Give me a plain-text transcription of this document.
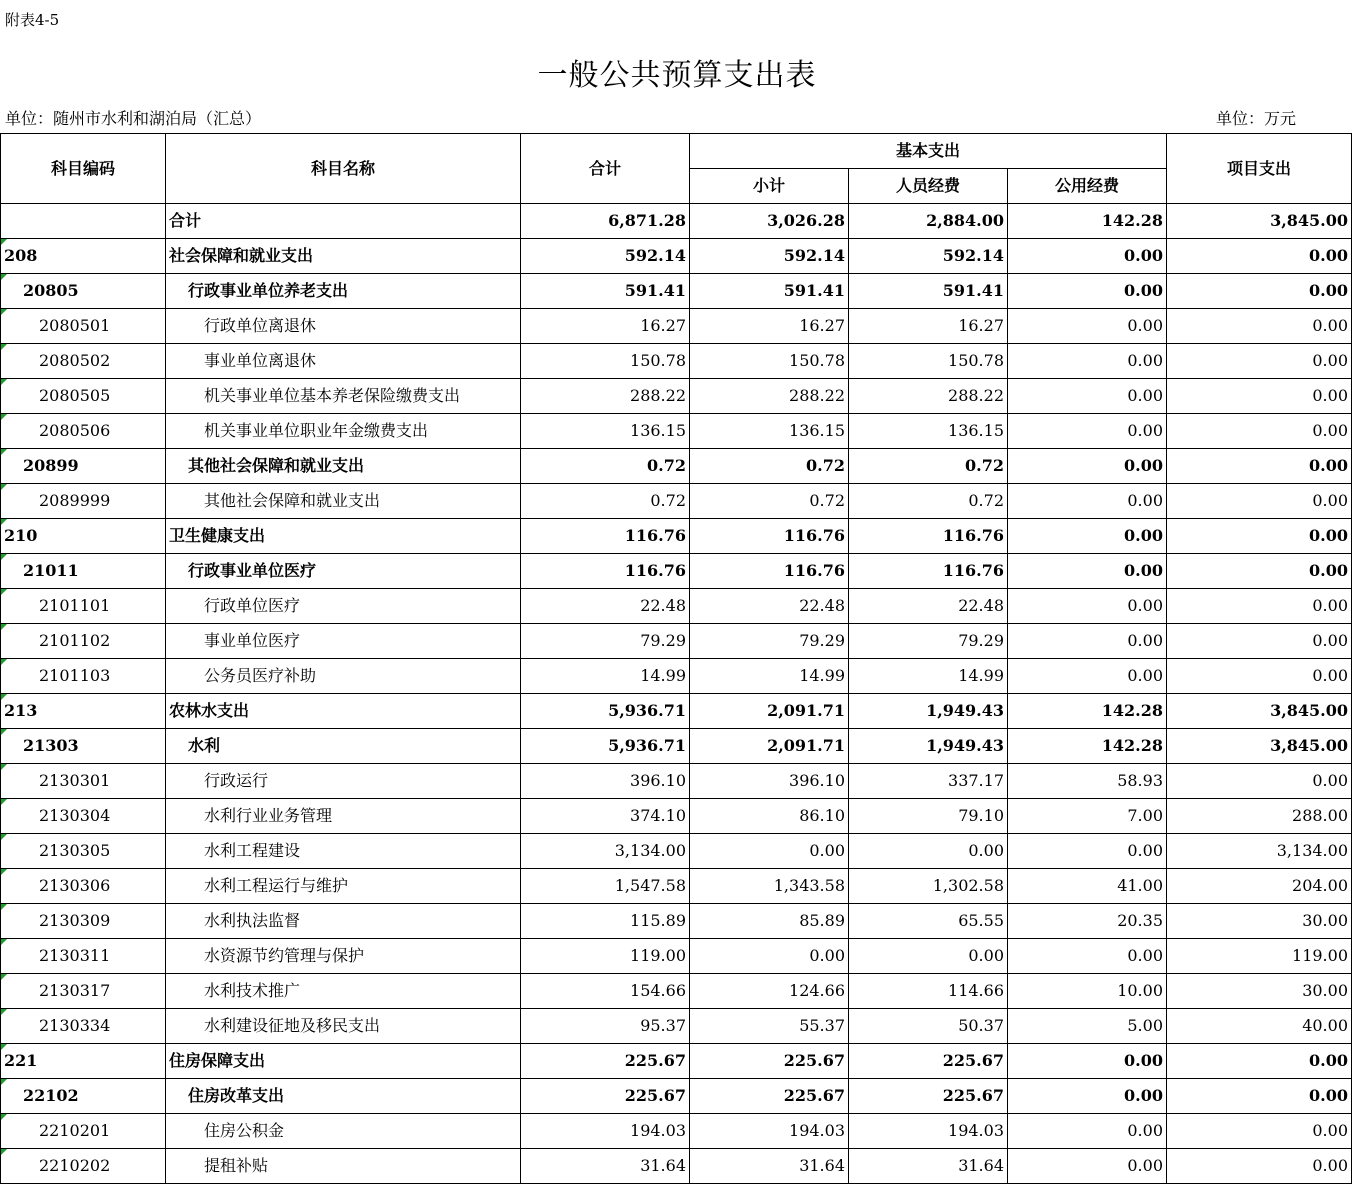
附表4-5
一般公共预算支出表
单位：随州市水利和湖泊局（汇总）	单位：万元
科目编码	科目名称	合计	基本支出			项目支出
			小计	人员经费	公用经费	
	合计	6,871.28	3,026.28	2,884.00	142.28	3,845.00
208	社会保障和就业支出	592.14	592.14	592.14	0.00	0.00
20805	行政事业单位养老支出	591.41	591.41	591.41	0.00	0.00
2080501	行政单位离退休	16.27	16.27	16.27	0.00	0.00
2080502	事业单位离退休	150.78	150.78	150.78	0.00	0.00
2080505	机关事业单位基本养老保险缴费支出	288.22	288.22	288.22	0.00	0.00
2080506	机关事业单位职业年金缴费支出	136.15	136.15	136.15	0.00	0.00
20899	其他社会保障和就业支出	0.72	0.72	0.72	0.00	0.00
2089999	其他社会保障和就业支出	0.72	0.72	0.72	0.00	0.00
210	卫生健康支出	116.76	116.76	116.76	0.00	0.00
21011	行政事业单位医疗	116.76	116.76	116.76	0.00	0.00
2101101	行政单位医疗	22.48	22.48	22.48	0.00	0.00
2101102	事业单位医疗	79.29	79.29	79.29	0.00	0.00
2101103	公务员医疗补助	14.99	14.99	14.99	0.00	0.00
213	农林水支出	5,936.71	2,091.71	1,949.43	142.28	3,845.00
21303	水利	5,936.71	2,091.71	1,949.43	142.28	3,845.00
2130301	行政运行	396.10	396.10	337.17	58.93	0.00
2130304	水利行业业务管理	374.10	86.10	79.10	7.00	288.00
2130305	水利工程建设	3,134.00	0.00	0.00	0.00	3,134.00
2130306	水利工程运行与维护	1,547.58	1,343.58	1,302.58	41.00	204.00
2130309	水利执法监督	115.89	85.89	65.55	20.35	30.00
2130311	水资源节约管理与保护	119.00	0.00	0.00	0.00	119.00
2130317	水利技术推广	154.66	124.66	114.66	10.00	30.00
2130334	水利建设征地及移民支出	95.37	55.37	50.37	5.00	40.00
221	住房保障支出	225.67	225.67	225.67	0.00	0.00
22102	住房改革支出	225.67	225.67	225.67	0.00	0.00
2210201	住房公积金	194.03	194.03	194.03	0.00	0.00
2210202	提租补贴	31.64	31.64	31.64	0.00	0.00
